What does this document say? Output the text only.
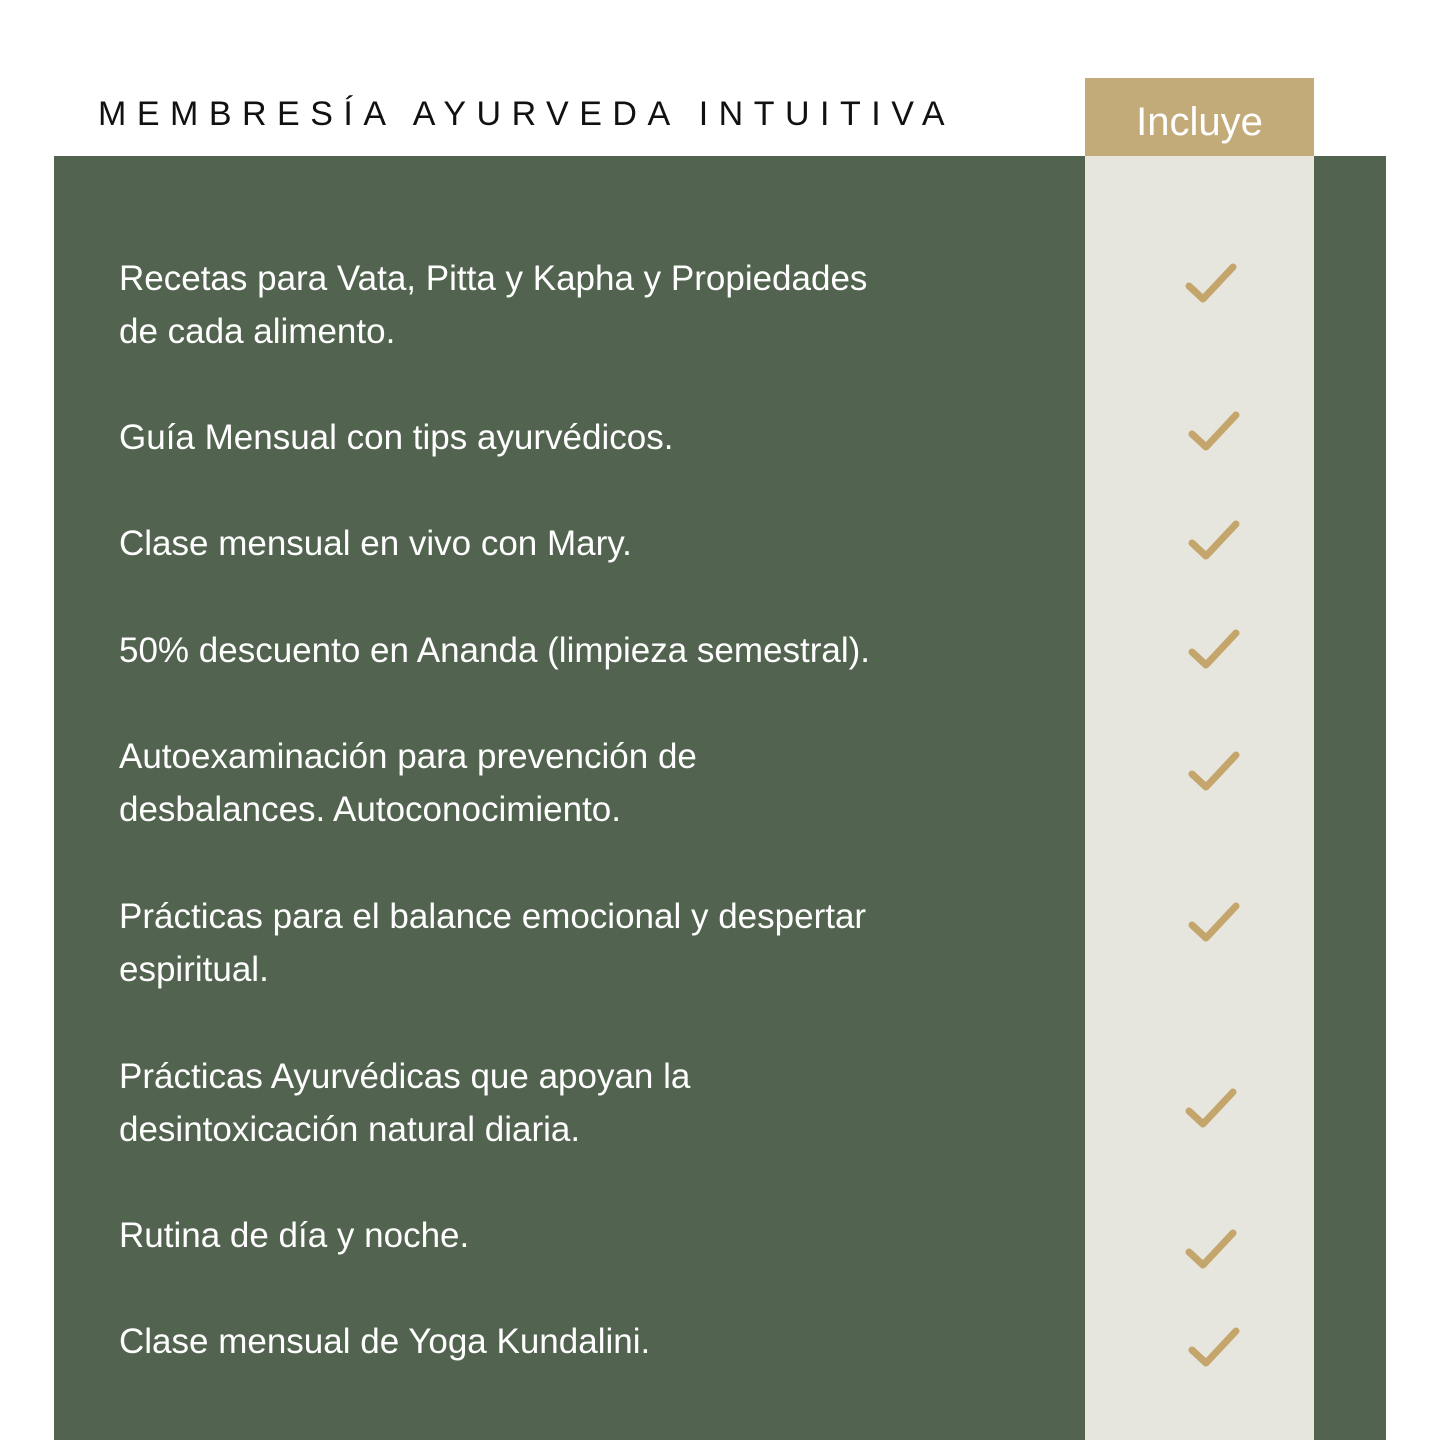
MEMBRESÍA AYURVEDA INTUITIVA	Incluye

Recetas para Vata, Pitta y Kapha y Propiedades
de cada alimento.

Guía Mensual con tips ayurvédicos.

Clase mensual en vivo con Mary.

50% descuento en Ananda (limpieza semestral).

Autoexaminación para prevención de
desbalances. Autoconocimiento.

Prácticas para el balance emocional y despertar
espiritual.

Prácticas Ayurvédicas que apoyan la
desintoxicación natural diaria.

Rutina de día y noche.

Clase mensual de Yoga Kundalini.
